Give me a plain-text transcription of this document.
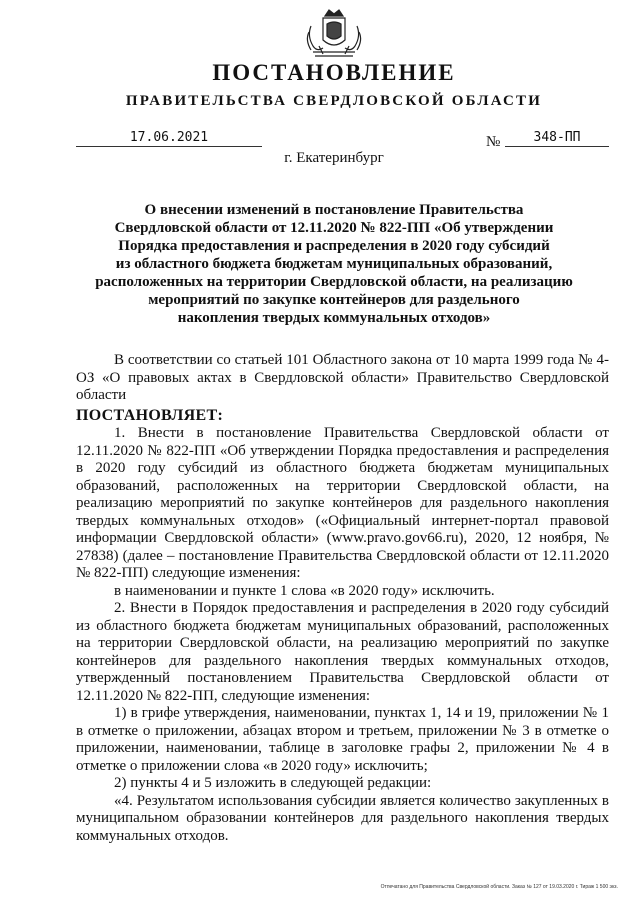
ПОСТАНОВЛЕНИЕ
ПРАВИТЕЛЬСТВА СВЕРДЛОВСКОЙ ОБЛАСТИ
17.06.2021	№	348-ПП
г. Екатеринбург
О внесении изменений в постановление Правительства
Свердловской области от 12.11.2020 № 822-ПП «Об утверждении
Порядка предоставления и распределения в 2020 году субсидий
из областного бюджета бюджетам муниципальных образований,
расположенных на территории Свердловской области, на реализацию
мероприятий по закупке контейнеров для раздельного
накопления твердых коммунальных отходов»

В соответствии со статьей 101 Областного закона от 10 марта 1999 года № 4-ОЗ «О правовых актах в Свердловской области» Правительство Свердловской области

ПОСТАНОВЛЯЕТ:

1. Внести в постановление Правительства Свердловской области от 12.11.2020 № 822-ПП «Об утверждении Порядка предоставления и распределения в 2020 году субсидий из областного бюджета бюджетам муниципальных образований, расположенных на территории Свердловской области, на реализацию мероприятий по закупке контейнеров для раздельного накопления твердых коммунальных отходов» («Официальный интернет-портал правовой информации Свердловской области» (www.pravo.gov66.ru), 2020, 12 ноября, № 27838) (далее – постановление Правительства Свердловской области от 12.11.2020 № 822-ПП) следующие изменения:

в наименовании и пункте 1 слова «в 2020 году» исключить.

2. Внести в Порядок предоставления и распределения в 2020 году субсидий из областного бюджета бюджетам муниципальных образований, расположенных на территории Свердловской области, на реализацию мероприятий по закупке контейнеров для раздельного накопления твердых коммунальных отходов, утвержденный постановлением Правительства Свердловской области от 12.11.2020 № 822-ПП, следующие изменения:

1) в грифе утверждения, наименовании, пунктах 1, 14 и 19, приложении № 1 в отметке о приложении, абзацах втором и третьем, приложении № 3 в отметке о приложении, наименовании, таблице в заголовке графы 2, приложении № 4 в отметке о приложении слова «в 2020 году» исключить;

2) пункты 4 и 5 изложить в следующей редакции:

«4. Результатом использования субсидии является количество закупленных в муниципальном образовании контейнеров для раздельного накопления твердых коммунальных отходов.

Отпечатано для Правительства Свердловской области. Заказ № 127 от 19.03.2020 г. Тираж 1 500 экз.
